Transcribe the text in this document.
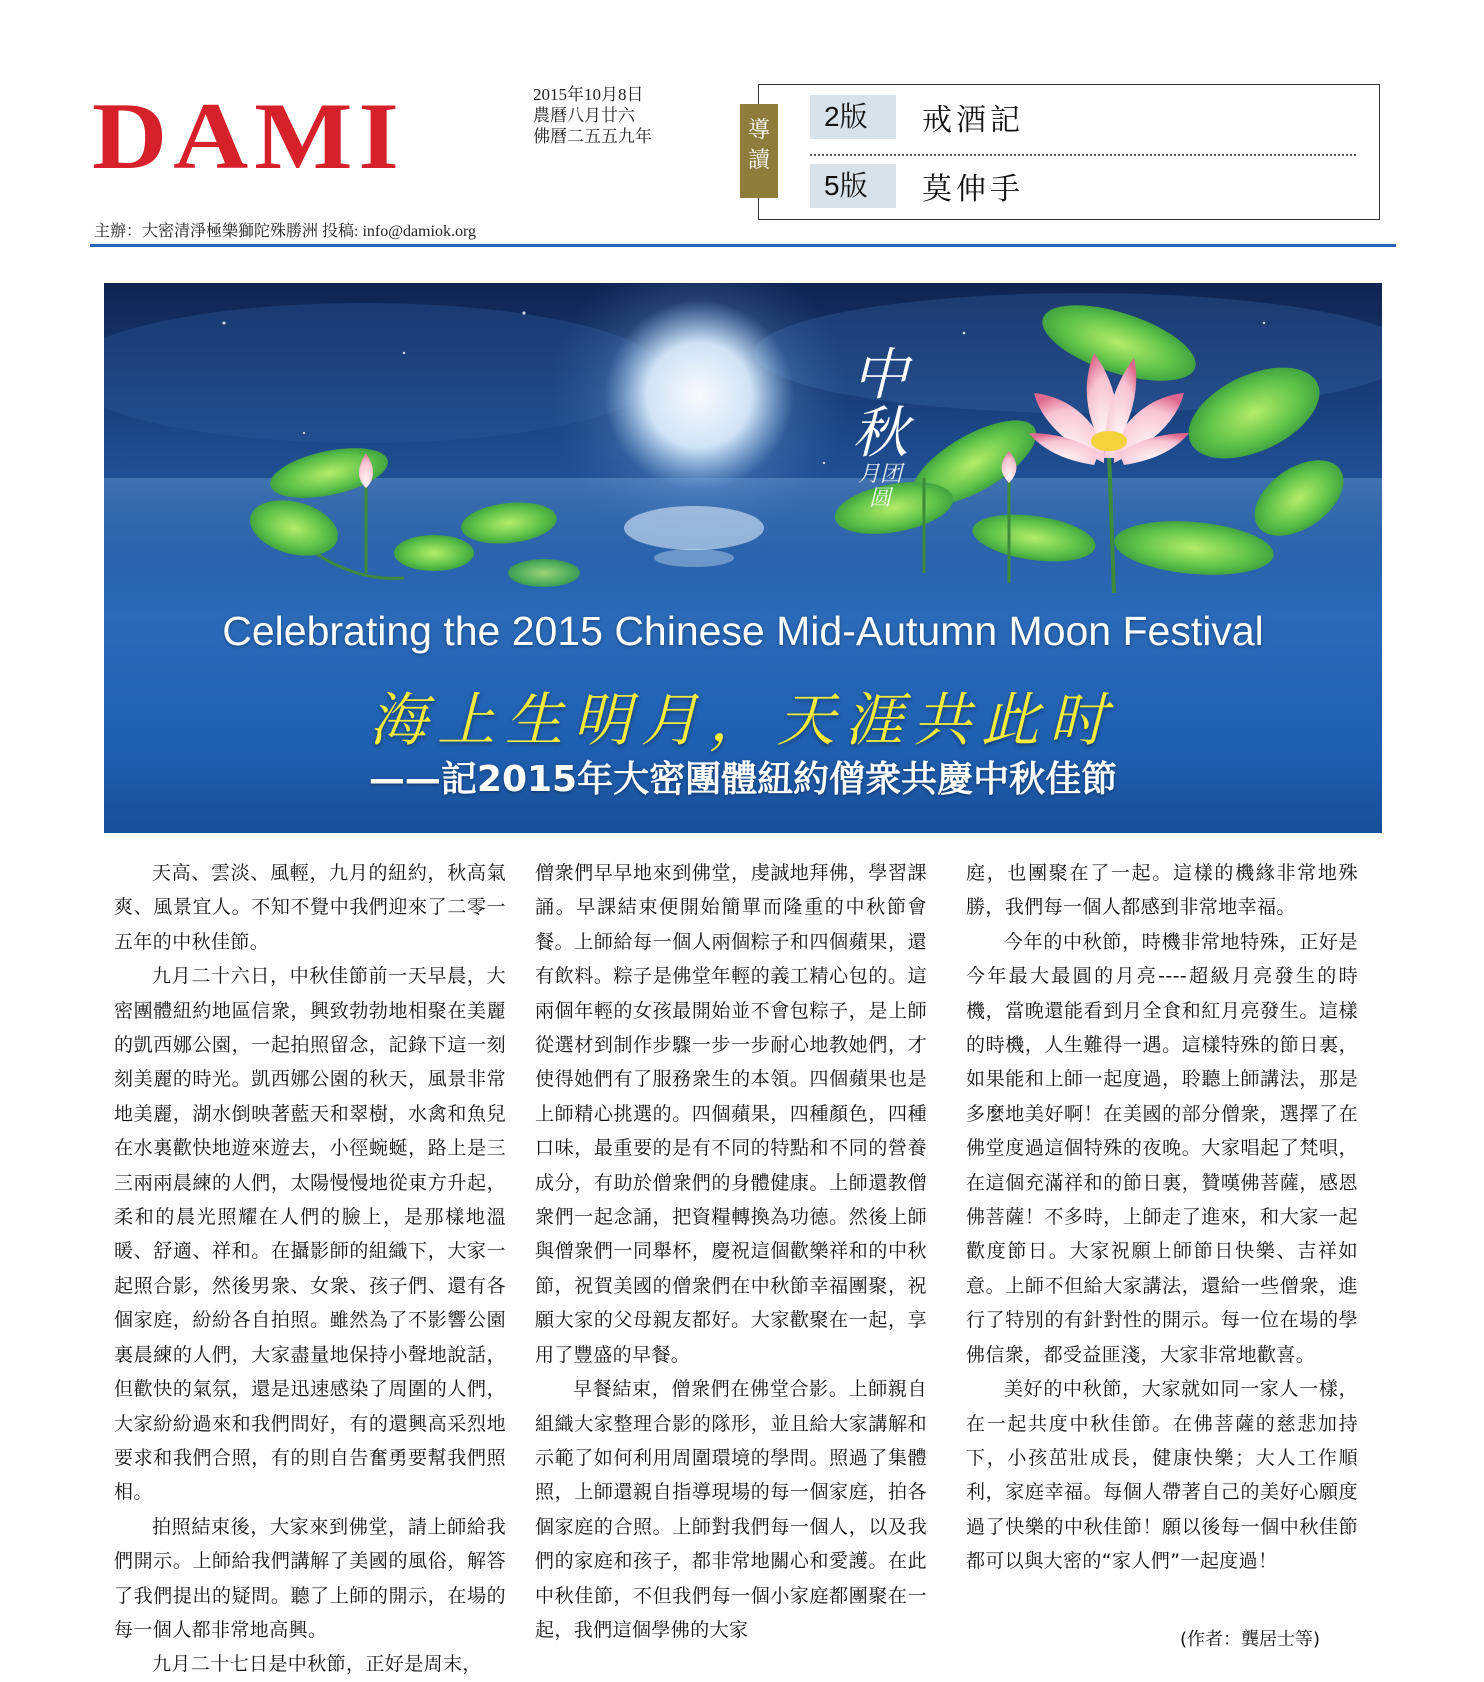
DAMI	2015年10月8日
農曆八月廿六
佛曆二五五九年
主辦：大密清淨極樂獅陀殊勝洲 投稿: info@damiok.org
導讀
2版	戒酒記
5版	莫伸手
中秋
月团圆
Celebrating the 2015 Chinese Mid-Autumn Moon Festival
海上生明月，天涯共此时
——記2015年大密團體紐約僧衆共慶中秋佳節

天高、雲淡、風輕，九月的紐約，秋高氣爽、風景宜人。不知不覺中我們迎來了二零一五年的中秋佳節。

九月二十六日，中秋佳節前一天早晨，大密團體紐約地區信衆，興致勃勃地相聚在美麗的凱西娜公園，一起拍照留念，記錄下這一刻刻美麗的時光。凱西娜公園的秋天，風景非常地美麗，湖水倒映著藍天和翠樹，水禽和魚兒在水裏歡快地遊來遊去，小徑蜿蜒，路上是三三兩兩晨練的人們，太陽慢慢地從東方升起，柔和的晨光照耀在人們的臉上，是那樣地溫暖、舒適、祥和。在攝影師的組織下，大家一起照合影，然後男衆、女衆、孩子們、還有各個家庭，紛紛各自拍照。雖然為了不影響公園裏晨練的人們，大家盡量地保持小聲地說話，但歡快的氣氛，還是迅速感染了周圍的人們，大家紛紛過來和我們問好，有的還興高采烈地要求和我們合照，有的則自告奮勇要幫我們照相。

拍照結束後，大家來到佛堂，請上師給我們開示。上師給我們講解了美國的風俗，解答了我們提出的疑問。聽了上師的開示，在場的每一個人都非常地高興。

九月二十七日是中秋節，正好是周末，

僧衆們早早地來到佛堂，虔誠地拜佛，學習課誦。早課結束便開始簡單而隆重的中秋節會餐。上師給每一個人兩個粽子和四個蘋果，還有飲料。粽子是佛堂年輕的義工精心包的。這兩個年輕的女孩最開始並不會包粽子，是上師從選材到制作步驟一步一步耐心地教她們，才使得她們有了服務衆生的本領。四個蘋果也是上師精心挑選的。四個蘋果，四種顏色，四種口味，最重要的是有不同的特點和不同的營養成分，有助於僧衆們的身體健康。上師還教僧衆們一起念誦，把資糧轉換為功德。然後上師與僧衆們一同舉杯，慶祝這個歡樂祥和的中秋節，祝賀美國的僧衆們在中秋節幸福團聚，祝願大家的父母親友都好。大家歡聚在一起，享用了豐盛的早餐。

早餐結束，僧衆們在佛堂合影。上師親自組織大家整理合影的隊形，並且給大家講解和示範了如何利用周圍環境的學問。照過了集體照，上師還親自指導現場的每一個家庭，拍各個家庭的合照。上師對我們每一個人，以及我們的家庭和孩子，都非常地關心和愛護。在此中秋佳節，不但我們每一個小家庭都團聚在一起，我們這個學佛的大家

庭，也團聚在了一起。這樣的機緣非常地殊勝，我們每一個人都感到非常地幸福。

今年的中秋節，時機非常地特殊，正好是今年最大最圓的月亮----超級月亮發生的時機，當晚還能看到月全食和紅月亮發生。這樣的時機，人生難得一遇。這樣特殊的節日裏，如果能和上師一起度過，聆聽上師講法，那是多麼地美好啊！在美國的部分僧衆，選擇了在佛堂度過這個特殊的夜晚。大家唱起了梵唄，在這個充滿祥和的節日裏，贊嘆佛菩薩，感恩佛菩薩！不多時，上師走了進來，和大家一起歡度節日。大家祝願上師節日快樂、吉祥如意。上師不但給大家講法，還給一些僧衆，進行了特別的有針對性的開示。每一位在場的學佛信衆，都受益匪淺，大家非常地歡喜。

美好的中秋節，大家就如同一家人一樣，在一起共度中秋佳節。在佛菩薩的慈悲加持下，小孩茁壯成長，健康快樂；大人工作順利，家庭幸福。每個人帶著自己的美好心願度過了快樂的中秋佳節！願以後每一個中秋佳節都可以與大密的“家人們”一起度過！

(作者：龔居士等)
